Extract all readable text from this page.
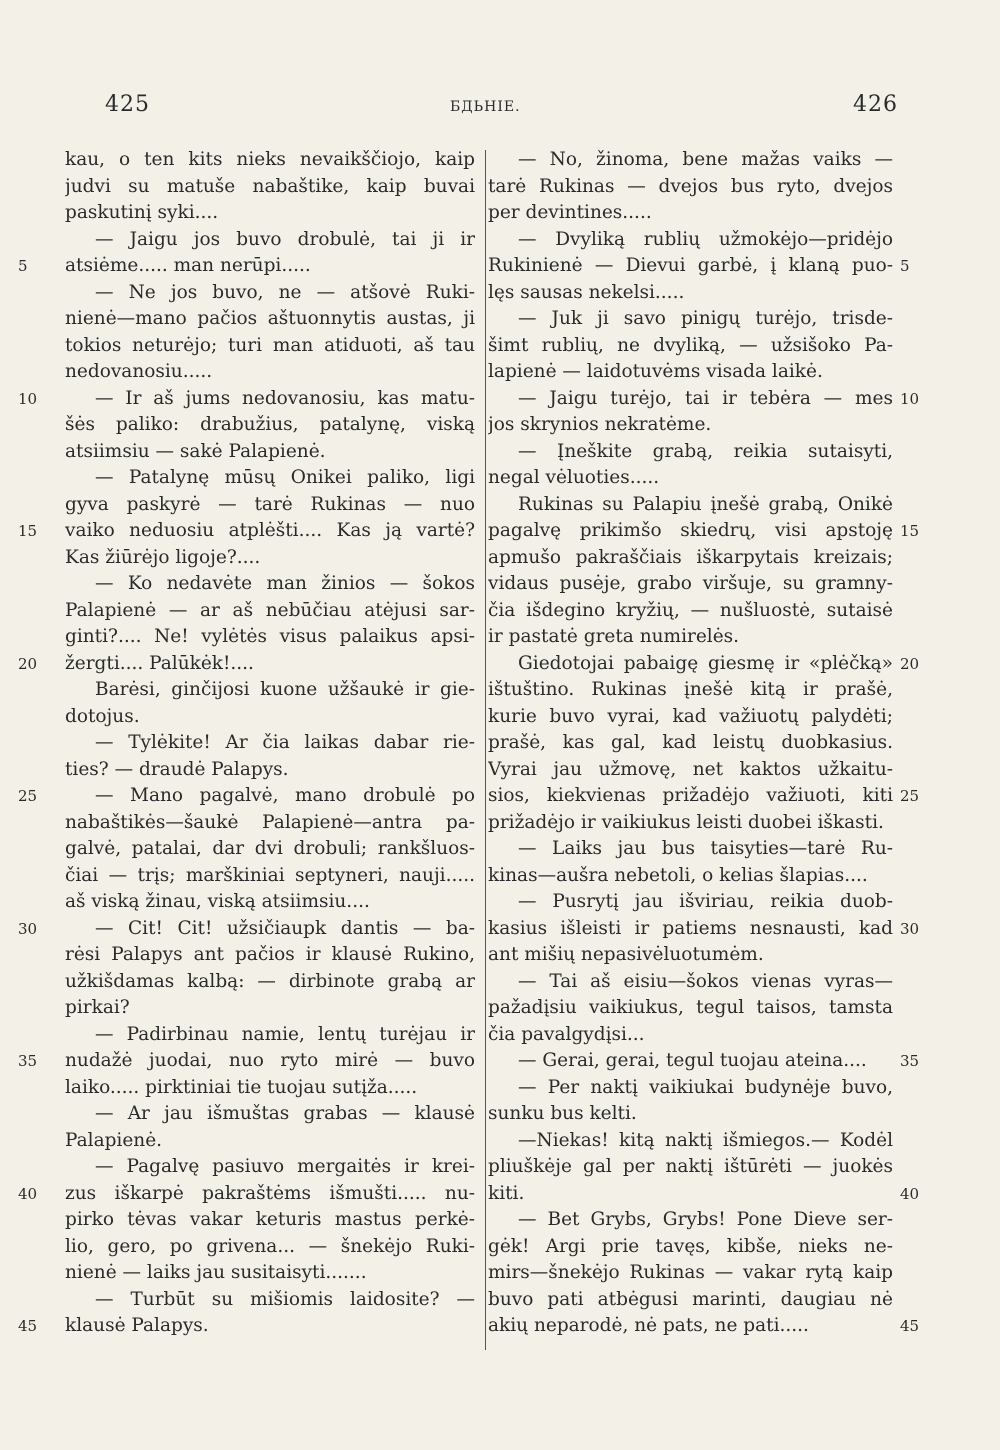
425	БДЬНIE.	426
5
10
15
20
25
30
35
40
45
kau, o ten kits nieks nevaikščiojo, kaip
judvi su matuše nabaštike, kaip buvai
paskutinį syki....
— Jaigu jos buvo drobulė, tai ji ir
atsiėme..... man nerūpi.....
— Ne jos buvo, ne — atšovė Ruki-
nienė—mano pačios aštuonnytis austas, ji
tokios neturėjo; turi man atiduoti, aš tau
nedovanosiu.....
— Ir aš jums nedovanosiu, kas matu-
šės paliko: drabužius, patalynę, viską
atsiimsiu — sakė Palapienė.
— Patalynę mūsų Onikei paliko, ligi
gyva paskyrė — tarė Rukinas — nuo
vaiko neduosiu atplėšti.... Kas ją vartė?
Kas žiūrėjo ligoje?....
— Ko nedavėte man žinios — šokos
Palapienė — ar aš nebūčiau atėjusi sar-
ginti?.... Ne! vylėtės visus palaikus apsi-
žergti.... Palūkėk!....
Barėsi, ginčijosi kuone užšaukė ir gie-
dotojus.
— Tylėkite! Ar čia laikas dabar rie-
ties? — draudė Palapys.
— Mano pagalvė, mano drobulė po
nabaštikės—šaukė Palapienė—antra pa-
galvė, patalai, dar dvi drobuli; rankšluos-
čiai — trįs; marškiniai septyneri, nauji.....
aš viską žinau, viską atsiimsiu....
— Cit! Cit! užsičiaupk dantis — ba-
rėsi Palapys ant pačios ir klausė Rukino,
užkišdamas kalbą: — dirbinote grabą ar
pirkai?
— Padirbinau namie, lentų turėjau ir
nudažė juodai, nuo ryto mirė — buvo
laiko..... pirktiniai tie tuojau sutįža.....
— Ar jau išmuštas grabas — klausė
Palapienė.
— Pagalvę pasiuvo mergaitės ir krei-
zus iškarpė pakraštėms išmušti..... nu-
pirko tėvas vakar keturis mastus perkė-
lio, gero, po grivena... — šnekėjo Ruki-
nienė — laiks jau susitaisyti.......
— Turbūt su mišiomis laidosite? —
klausė Palapys.
— No, žinoma, bene mažas vaiks —
tarė Rukinas — dvejos bus ryto, dvejos
per devintines.....
— Dvyliką rublių užmokėjo—pridėjo
Rukinienė — Dievui garbė, į klaną puo-
lęs sausas nekelsi.....
— Juk ji savo pinigų turėjo, trisde-
šimt rublių, ne dvyliką, — užsišoko Pa-
lapienė — laidotuvėms visada laikė.
— Jaigu turėjo, tai ir tebėra — mes
jos skrynios nekratėme.
— Įneškite grabą, reikia sutaisyti,
negal vėluoties.....
Rukinas su Palapiu įnešė grabą, Onikė
pagalvę prikimšo skiedrų, visi apstoję
apmušo pakraščiais iškarpytais kreizais;
vidaus pusėje, grabo viršuje, su gramny-
čia išdegino kryžių, — nušluostė, sutaisė
ir pastatė greta numirelės.
Giedotojai pabaigę giesmę ir «plėčką»
ištuštino. Rukinas įnešė kitą ir prašė,
kurie buvo vyrai, kad važiuotų palydėti;
prašė, kas gal, kad leistų duobkasius.
Vyrai jau užmovę, net kaktos užkaitu-
sios, kiekvienas prižadėjo važiuoti, kiti
prižadėjo ir vaikiukus leisti duobei iškasti.
— Laiks jau bus taisyties—tarė Ru-
kinas—aušra nebetoli, o kelias šlapias....
— Pusrytį jau išviriau, reikia duob-
kasius išleisti ir patiems nesnausti, kad
ant mišių nepasivėluotumėm.
— Tai aš eisiu—šokos vienas vyras—
pažadįsiu vaikiukus, tegul taisos, tamsta
čia pavalgydįsi...
— Gerai, gerai, tegul tuojau ateina....
— Per naktį vaikiukai budynėje buvo,
sunku bus kelti.
—Niekas! kitą naktį išmiegos.— Kodėl
pliuškėje gal per naktį ištūrėti — juokės
kiti.
— Bet Grybs, Grybs! Pone Dieve ser-
gėk! Argi prie tavęs, kibše, nieks ne-
mirs—šnekėjo Rukinas — vakar rytą kaip
buvo pati atbėgusi marinti, daugiau nė
akių neparodė, nė pats, ne pati.....
5
10
15
20
25
30
35
40
45
